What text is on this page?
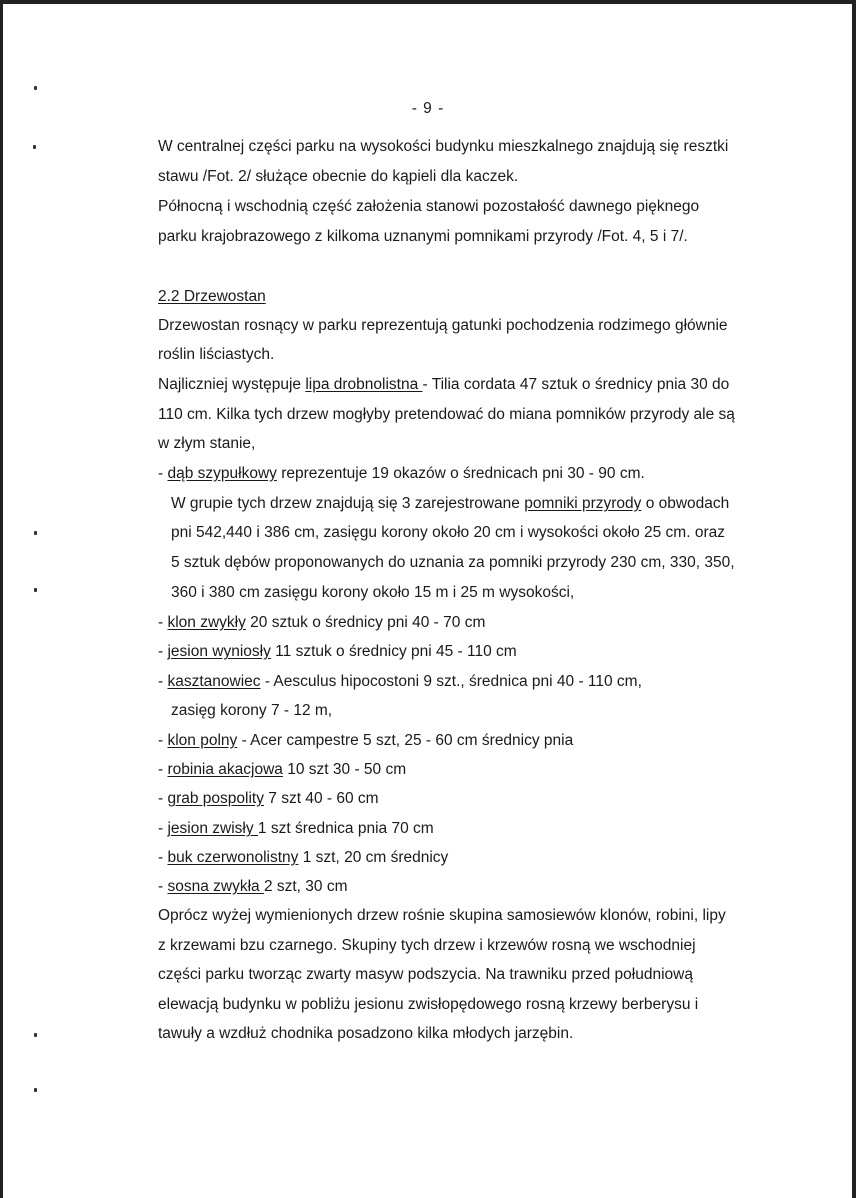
- 9 -
W centralnej części parku na wysokości budynku mieszkalnego znajdują się resztki
stawu /Fot. 2/ służące obecnie do kąpieli dla kaczek.
Północną i wschodnią część założenia stanowi pozostałość dawnego pięknego
parku krajobrazowego z kilkoma uznanymi pomnikami przyrody /Fot. 4, 5 i 7/.
2.2 Drzewostan
Drzewostan rosnący w parku reprezentują gatunki pochodzenia rodzimego głównie
roślin liściastych.
Najliczniej występuje lipa drobnolistna - Tilia cordata 47 sztuk o średnicy pnia 30 do
110 cm. Kilka tych drzew mogłyby pretendować do miana pomników przyrody ale są
w złym stanie,
- dąb szypułkowy reprezentuje 19 okazów o średnicach pni 30 - 90 cm.
W grupie tych drzew znajdują się 3 zarejestrowane pomniki przyrody o obwodach
pni 542,440 i 386 cm, zasięgu korony około 20 cm i wysokości około 25 cm. oraz
5 sztuk dębów proponowanych do uznania za pomniki przyrody 230 cm, 330, 350,
360 i 380 cm zasięgu korony około 15 m i 25 m wysokości,
- klon zwykły 20 sztuk o średnicy pni 40 - 70 cm
- jesion wyniosły 11 sztuk o średnicy pni 45 - 110 cm
- kasztanowiec - Aesculus hipocostoni 9 szt., średnica pni 40 - 110 cm,
zasięg korony 7 - 12 m,
- klon polny - Acer campestre 5 szt, 25 - 60 cm średnicy pnia
- robinia akacjowa 10 szt 30 - 50 cm
- grab pospolity 7 szt 40 - 60 cm
- jesion zwisły 1 szt średnica pnia 70 cm
- buk czerwonolistny 1 szt, 20 cm średnicy
- sosna zwykła 2 szt, 30 cm
Oprócz wyżej wymienionych drzew rośnie skupina samosiewów klonów, robini, lipy
z krzewami bzu czarnego. Skupiny tych drzew i krzewów rosną we wschodniej
części parku tworząc zwarty masyw podszycia. Na trawniku przed południową
elewacją budynku w pobliżu jesionu zwisłopędowego rosną krzewy berberysu i
tawuły a wzdłuż chodnika posadzono kilka młodych jarzębin.
